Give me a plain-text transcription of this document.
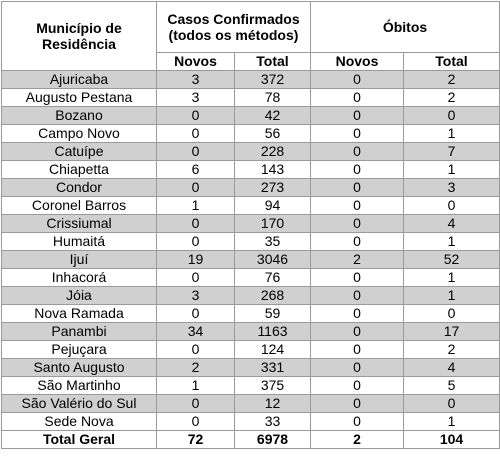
Município de Residência	Casos Confirmados (todos os métodos)		Óbitos	
	Novos	Total	Novos	Total
Ajuricaba	3	372	0	2
Augusto Pestana	3	78	0	2
Bozano	0	42	0	0
Campo Novo	0	56	0	1
Catuípe	0	228	0	7
Chiapetta	6	143	0	1
Condor	0	273	0	3
Coronel Barros	1	94	0	0
Crissiumal	0	170	0	4
Humaitá	0	35	0	1
Ijuí	19	3046	2	52
Inhacorá	0	76	0	1
Jóia	3	268	0	1
Nova Ramada	0	59	0	0
Panambi	34	1163	0	17
Pejuçara	0	124	0	2
Santo Augusto	2	331	0	4
São Martinho	1	375	0	5
São Valério do Sul	0	12	0	0
Sede Nova	0	33	0	1
Total Geral	72	6978	2	104
